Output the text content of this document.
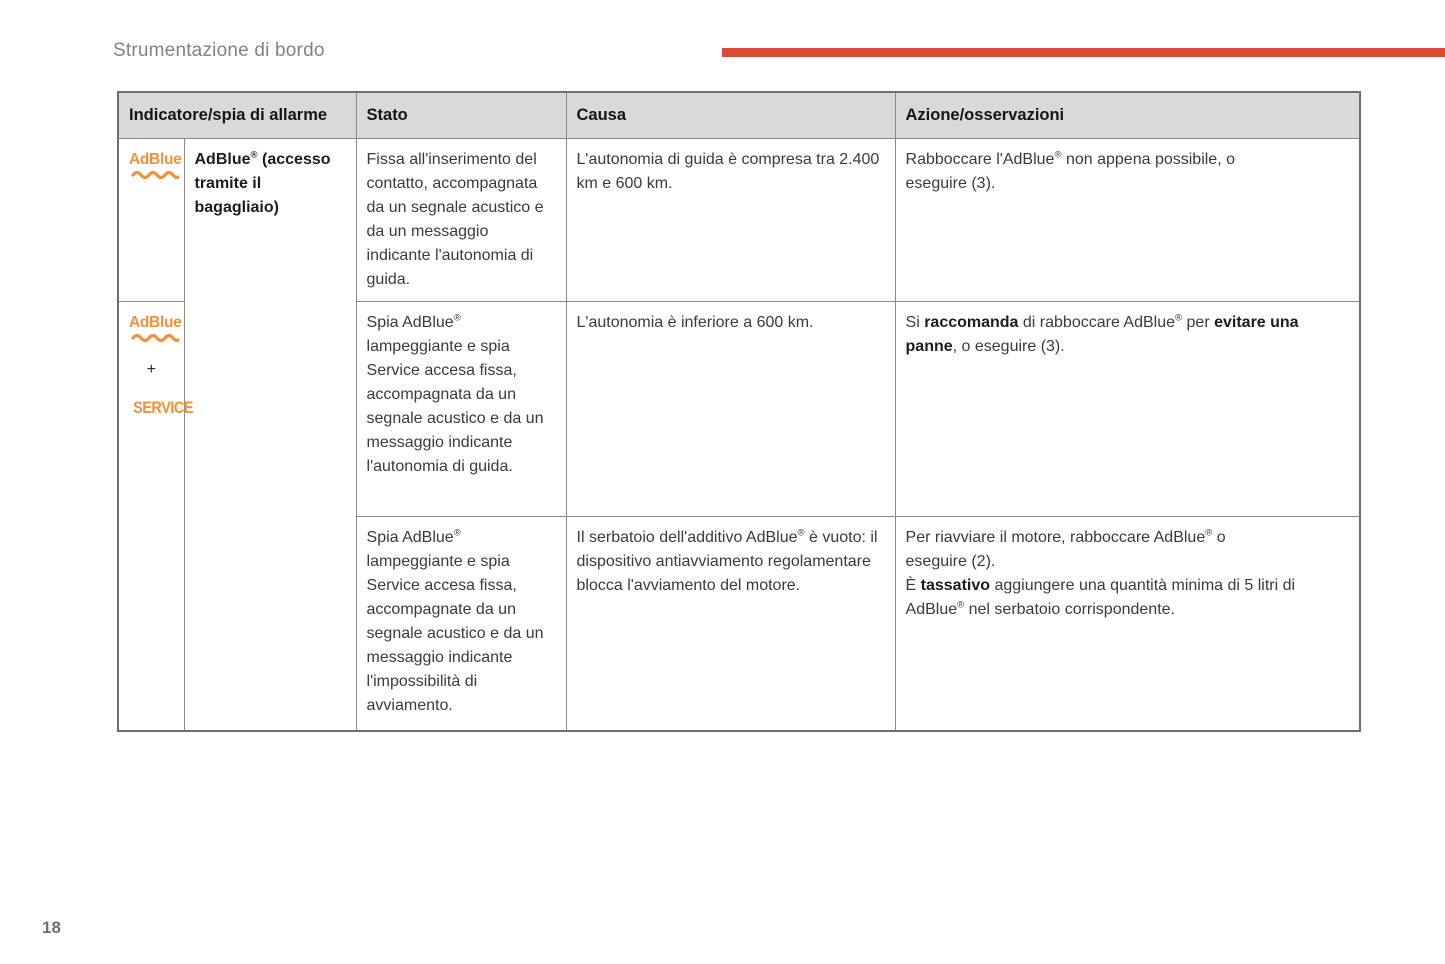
Strumentazione di bordo
Indicatore/spia di allarme		Stato	Causa	Azione/osservazioni

AdBlue	AdBlue® (accesso tramite il bagagliaio)	Fissa all'inserimento del contatto, accompagnata da un segnale acustico e da un messaggio indicante l'autonomia di guida.	L'autonomia di guida è compresa tra 2.400 km e 600 km.	Rabboccare l'AdBlue® non appena possibile, o
eseguire (3).

AdBlue
+
SERVICE		Spia AdBlue® lampeggiante e spia Service accesa fissa, accompagnata da un segnale acustico e da un messaggio indicante l'autonomia di guida.	L'autonomia è inferiore a 600 km.	Si raccomanda di rabboccare AdBlue® per evitare una panne, o eseguire (3).
		Spia AdBlue® lampeggiante e spia Service accesa fissa, accompagnate da un segnale acustico e da un messaggio indicante l'impossibilità di avviamento.	Il serbatoio dell'additivo AdBlue® è vuoto: il dispositivo antiavviamento regolamentare blocca l'avviamento del motore.	Per riavviare il motore, rabboccare AdBlue® o
eseguire (2).
È tassativo aggiungere una quantità minima di 5 litri di AdBlue® nel serbatoio corrispondente.
18
